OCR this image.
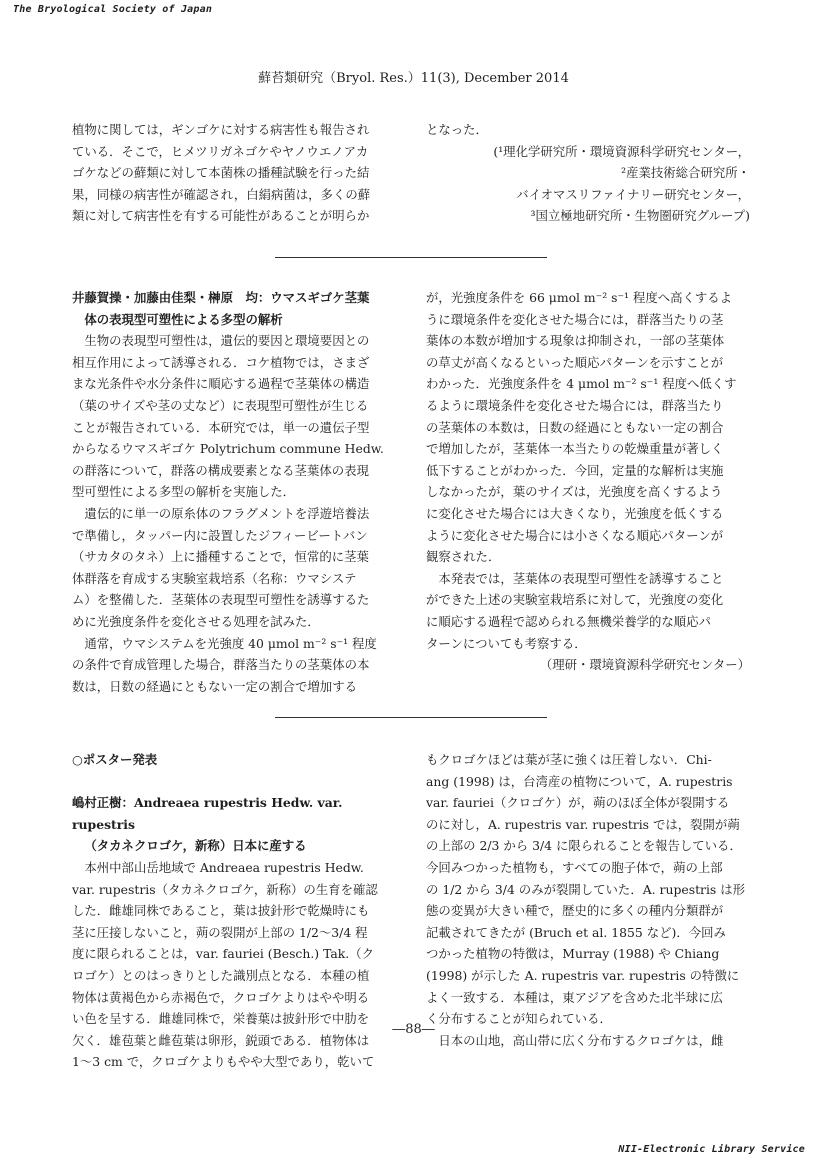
The Bryological Society of Japan
蘚苔類研究（Bryol. Res.）11(3), December 2014

植物に関しては，ギンゴケに対する病害性も報告され

ている．そこで，ヒメツリガネゴケやヤノウエノアカ

ゴケなどの蘚類に対して本菌株の播種試験を行った結

果，同様の病害性が確認され，白絹病菌は，多くの蘚

類に対して病害性を有する可能性があることが明らか

となった．

(¹理化学研究所・環境資源科学研究センター，

²産業技術総合研究所・

バイオマスリファイナリー研究センター，

³国立極地研究所・生物圏研究グループ)

井藤賀操・加藤由佳梨・榊原　均：ウマスギゴケ茎葉

体の表現型可塑性による多型の解析

生物の表現型可塑性は，遺伝的要因と環境要因との

相互作用によって誘導される．コケ植物では，さまざ

まな光条件や水分条件に順応する過程で茎葉体の構造

（葉のサイズや茎の丈など）に表現型可塑性が生じる

ことが報告されている．本研究では，単一の遺伝子型

からなるウマスギゴケ Polytrichum commune Hedw.

の群落について，群落の構成要素となる茎葉体の表現

型可塑性による多型の解析を実施した．

遺伝的に単一の原糸体のフラグメントを浮遊培養法

で準備し，タッパー内に設置したジフィービートバン

（サカタのタネ）上に播種することで，恒常的に茎葉

体群落を育成する実験室栽培系（名称：ウマシステ

ム）を整備した．茎葉体の表現型可塑性を誘導するた

めに光強度条件を変化させる処理を試みた．

通常，ウマシステムを光強度 40 μmol m⁻² s⁻¹ 程度

の条件で育成管理した場合，群落当たりの茎葉体の本

数は，日数の経過にともない一定の割合で増加する

が，光強度条件を 66 μmol m⁻² s⁻¹ 程度へ高くするよ

うに環境条件を変化させた場合には，群落当たりの茎

葉体の本数が増加する現象は抑制され，一部の茎葉体

の草丈が高くなるといった順応パターンを示すことが

わかった．光強度条件を 4 μmol m⁻² s⁻¹ 程度へ低くす

るように環境条件を変化させた場合には，群落当たり

の茎葉体の本数は，日数の経過にともない一定の割合

で増加したが，茎葉体一本当たりの乾燥重量が著しく

低下することがわかった．今回，定量的な解析は実施

しなかったが，葉のサイズは，光強度を高くするよう

に変化させた場合には大きくなり，光強度を低くする

ように変化させた場合には小さくなる順応パターンが

観察された．

本発表では，茎葉体の表現型可塑性を誘導すること

ができた上述の実験室栽培系に対して，光強度の変化

に順応する過程で認められる無機栄養学的な順応パ

ターンについても考察する．

（理研・環境資源科学研究センター）

○ポスター発表

嶋村正樹：Andreaea rupestris Hedw. var. rupestris

（タカネクロゴケ，新称）日本に産する

本州中部山岳地域で Andreaea rupestris Hedw.

var. rupestris（タカネクロゴケ，新称）の生育を確認

した．雌雄同株であること，葉は披針形で乾燥時にも

茎に圧接しないこと，蒴の裂開が上部の 1/2〜3/4 程

度に限られることは，var. fauriei (Besch.) Tak.（ク

ロゴケ）とのはっきりとした識別点となる．本種の植

物体は黄褐色から赤褐色で，クロゴケよりはやや明る

い色を呈する．雌雄同株で，栄養葉は披針形で中肋を

欠く．雄苞葉と雌苞葉は卵形，鋭頭である．植物体は

1〜3 cm で，クロゴケよりもやや大型であり，乾いて

もクロゴケほどは葉が茎に強くは圧着しない．Chi-

ang (1998) は，台湾産の植物について，A. rupestris

var. fauriei（クロゴケ）が，蒴のほぼ全体が裂開する

のに対し，A. rupestris var. rupestris では，裂開が蒴

の上部の 2/3 から 3/4 に限られることを報告している．

今回みつかった植物も，すべての胞子体で，蒴の上部

の 1/2 から 3/4 のみが裂開していた．A. rupestris は形

態の変異が大きい種で，歴史的に多くの種内分類群が

記載されてきたが (Bruch et al. 1855 など)．今回み

つかった植物の特徴は，Murray (1988) や Chiang

(1998) が示した A. rupestris var. rupestris の特徴に

よく一致する．本種は，東アジアを含めた北半球に広

く分布することが知られている．

日本の山地，高山帯に広く分布するクロゴケは，雌

―88―
NII-Electronic Library Service
